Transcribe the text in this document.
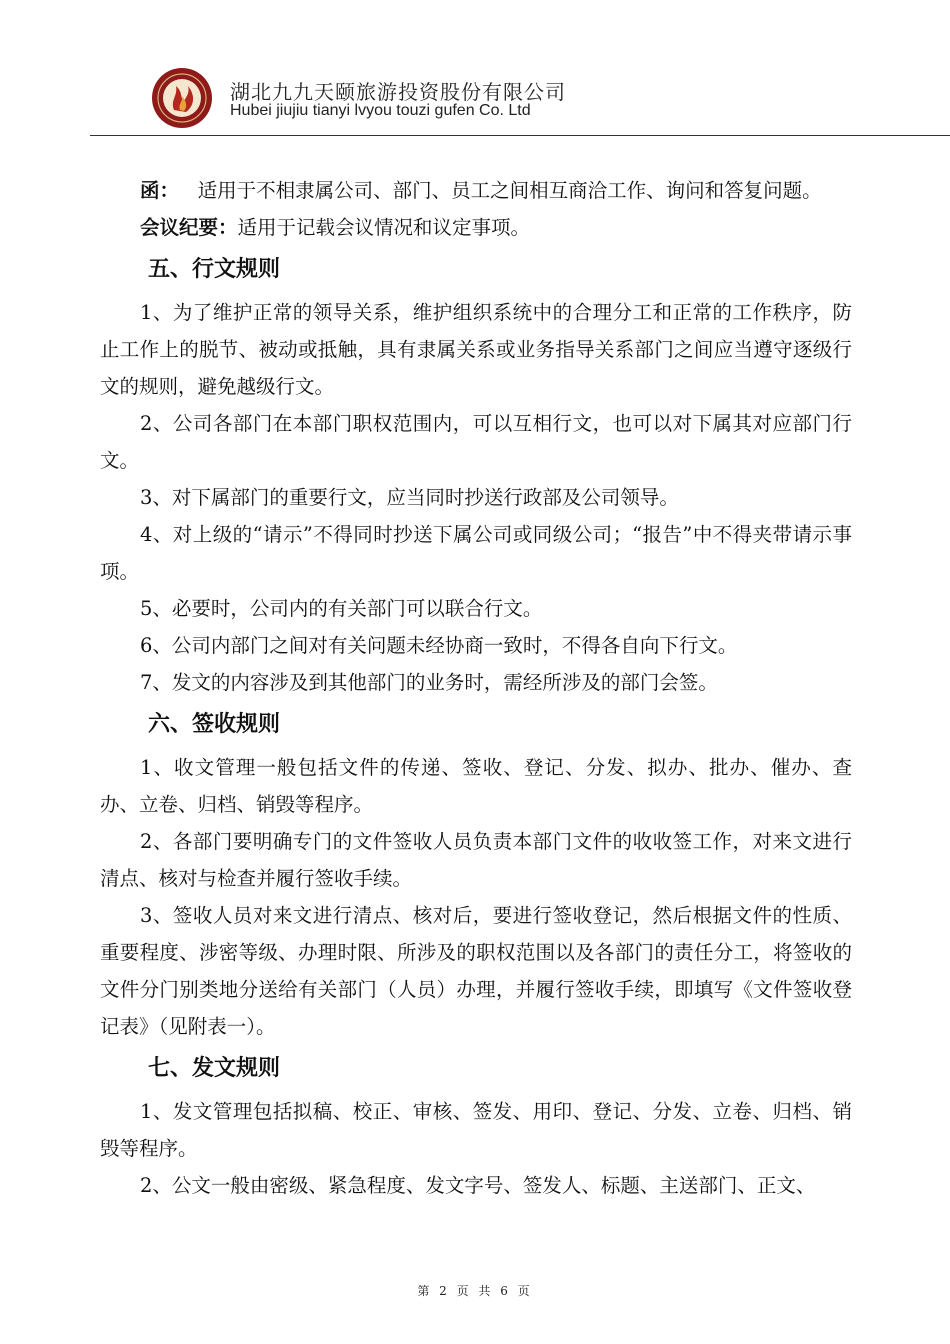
湖北九九天颐旅游投资股份有限公司
Hubei jiujiu tianyi lvyou touzi gufen Co. Ltd

函： 适用于不相隶属公司、部门、员工之间相互商洽工作、询问和答复问题。

会议纪要：适用于记载会议情况和议定事项。

五、行文规则

1、为了维护正常的领导关系，维护组织系统中的合理分工和正常的工作秩序，防止工作上的脱节、被动或抵触，具有隶属关系或业务指导关系部门之间应当遵守逐级行文的规则，避免越级行文。

2、公司各部门在本部门职权范围内，可以互相行文，也可以对下属其对应部门行文。

3、对下属部门的重要行文，应当同时抄送行政部及公司领导。

4、对上级的“请示”不得同时抄送下属公司或同级公司；“报告”中不得夹带请示事项。

5、必要时，公司内的有关部门可以联合行文。

6、公司内部门之间对有关问题未经协商一致时，不得各自向下行文。

7、发文的内容涉及到其他部门的业务时，需经所涉及的部门会签。

六、签收规则

1、收文管理一般包括文件的传递、签收、登记、分发、拟办、批办、催办、查办、立卷、归档、销毁等程序。

2、各部门要明确专门的文件签收人员负责本部门文件的收收签工作，对来文进行清点、核对与检查并履行签收手续。

3、签收人员对来文进行清点、核对后，要进行签收登记，然后根据文件的性质、重要程度、涉密等级、办理时限、所涉及的职权范围以及各部门的责任分工，将签收的文件分门别类地分送给有关部门（人员）办理，并履行签收手续，即填写《文件签收登记表》（见附表一）。

七、发文规则

1、发文管理包括拟稿、校正、审核、签发、用印、登记、分发、立卷、归档、销毁等程序。

2、公文一般由密级、紧急程度、发文字号、签发人、标题、主送部门、正文、

第 2 页 共 6 页
